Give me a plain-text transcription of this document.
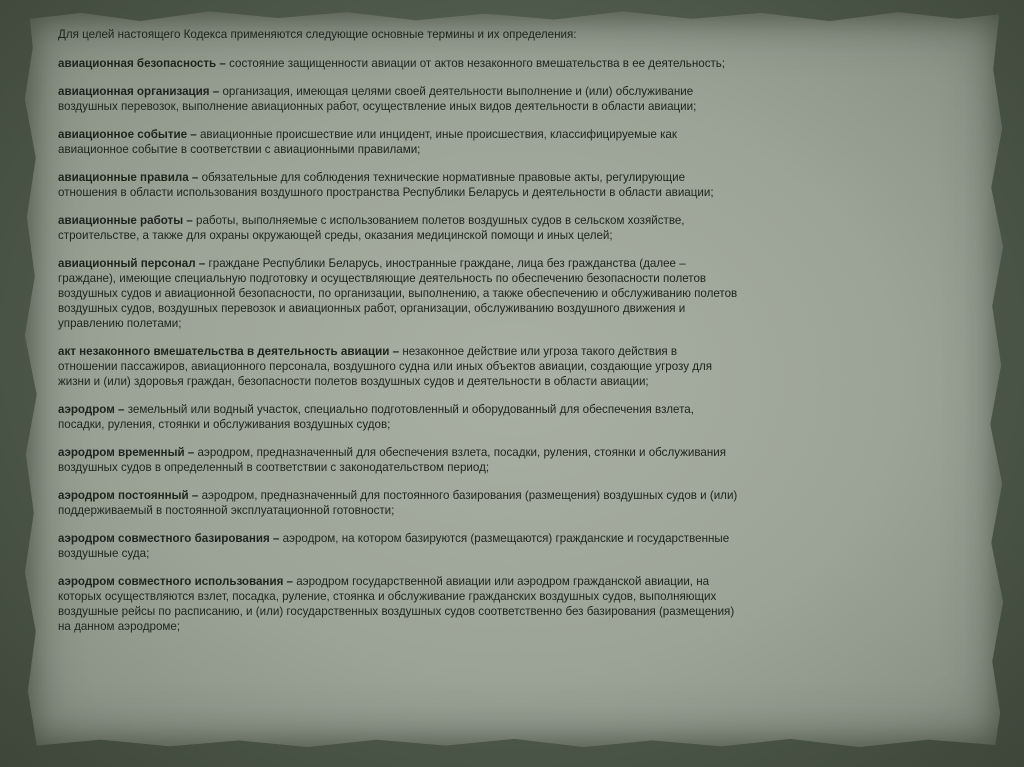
Для целей настоящего Кодекса применяются следующие основные термины и их определения:

авиационная безопасность – состояние защищенности авиации от актов незаконного вмешательства в ее деятельность;

авиационная организация – организация, имеющая целями своей деятельности выполнение и (или) обслуживание воздушных перевозок, выполнение авиационных работ, осуществление иных видов деятельности в области авиации;

авиационное событие – авиационные происшествие или инцидент, иные происшествия, классифицируемые как авиационное событие в соответствии с авиационными правилами;

авиационные правила – обязательные для соблюдения технические нормативные правовые акты, регулирующие отношения в области использования воздушного пространства Республики Беларусь и деятельности в области авиации;

авиационные работы – работы, выполняемые с использованием полетов воздушных судов в сельском хозяйстве, строительстве, а также для охраны окружающей среды, оказания медицинской помощи и иных целей;

авиационный персонал – граждане Республики Беларусь, иностранные граждане, лица без гражданства (далее – граждане), имеющие специальную подготовку и осуществляющие деятельность по обеспечению безопасности полетов воздушных судов и авиационной безопасности, по организации, выполнению, а также обеспечению и обслуживанию полетов воздушных судов, воздушных перевозок и авиационных работ, организации, обслуживанию воздушного движения и управлению полетами;

акт незаконного вмешательства в деятельность авиации – незаконное действие или угроза такого действия в отношении пассажиров, авиационного персонала, воздушного судна или иных объектов авиации, создающие угрозу для жизни и (или) здоровья граждан, безопасности полетов воздушных судов и деятельности в области авиации;

аэродром – земельный или водный участок, специально подготовленный и оборудованный для обеспечения взлета, посадки, руления, стоянки и обслуживания воздушных судов;

аэродром временный – аэродром, предназначенный для обеспечения взлета, посадки, руления, стоянки и обслуживания воздушных судов в определенный в соответствии с законодательством период;

аэродром постоянный – аэродром, предназначенный для постоянного базирования (размещения) воздушных судов и (или) поддерживаемый в постоянной эксплуатационной готовности;

аэродром совместного базирования – аэродром, на котором базируются (размещаются) гражданские и государственные воздушные суда;

аэродром совместного использования – аэродром государственной авиации или аэродром гражданской авиации, на которых осуществляются взлет, посадка, руление, стоянка и обслуживание гражданских воздушных судов, выполняющих воздушные рейсы по расписанию, и (или) государственных воздушных судов соответственно без базирования (размещения) на данном аэродроме;
